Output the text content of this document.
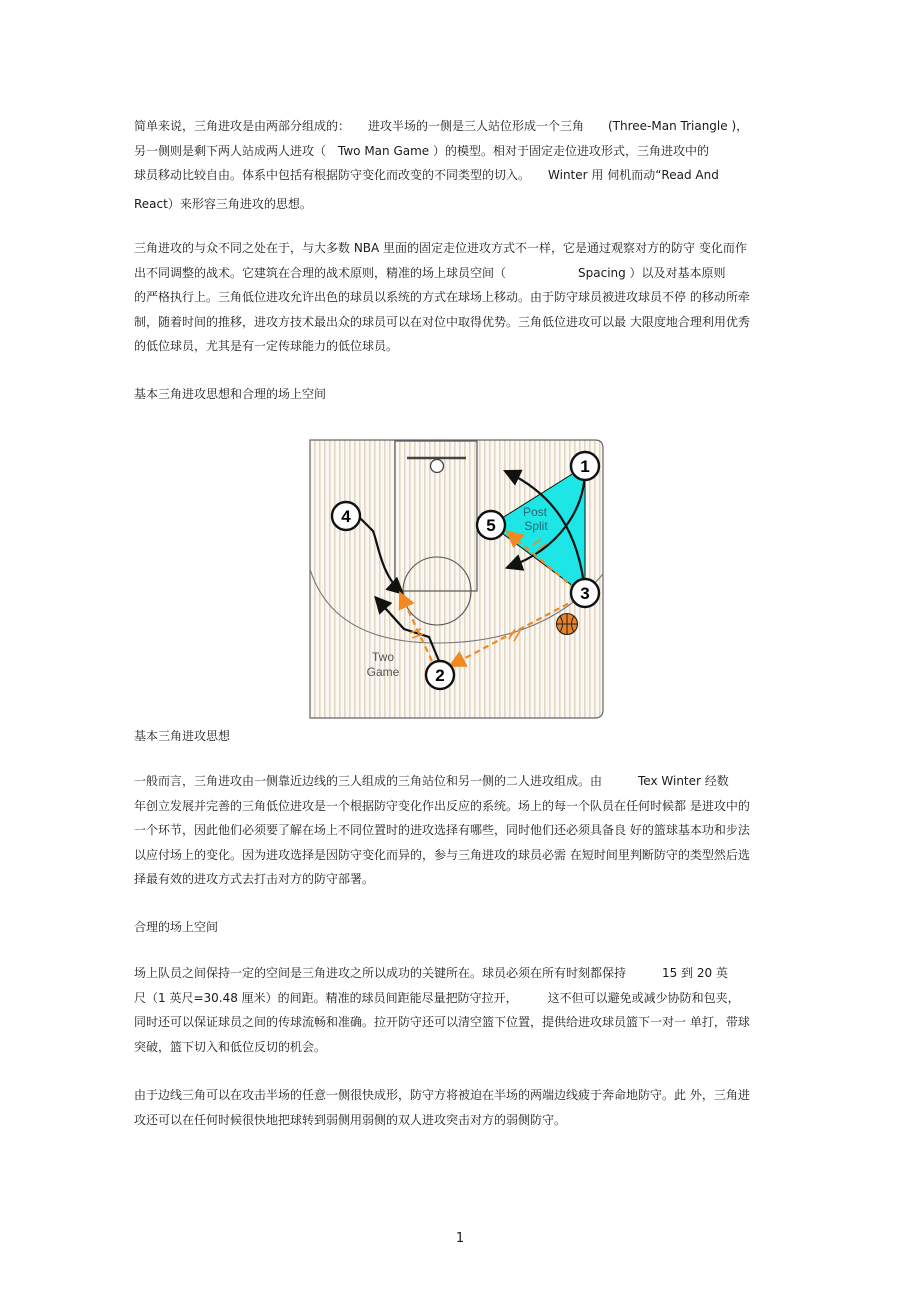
简单来说，三角进攻是由两部分组成的：　　进攻半场的一侧是三人站位形成一个三角　　(Three-Man Triangle )，
另一侧则是剩下两人站成两人进攻（　Two Man Game ）的模型。相对于固定走位进攻形式，三角进攻中的
球员移动比较自由。体系中包括有根据防守变化而改变的不同类型的切入。　　Winter 用 伺机而动“Read And
React）来形容三角进攻的思想。

三角进攻的与众不同之处在于，与大多数 NBA 里面的固定走位进攻方式不一样，它是通过观察对方的防守 变化而作
出不同调整的战术。它建筑在合理的战术原则，精准的场上球员空间（　　　　　　Spacing ）以及对基本原则
的严格执行上。三角低位进攻允许出色的球员以系统的方式在球场上移动。由于防守球员被进攻球员不停 的移动所牵
制，随着时间的推移，进攻方技术最出众的球员可以在对位中取得优势。三角低位进攻可以最 大限度地合理利用优秀
的低位球员，尤其是有一定传球能力的低位球员。

基本三角进攻思想和合理的场上空间

Post
Split
Two
Game
1
5
4
3
2

基本三角进攻思想

一般而言，三角进攻由一侧靠近边线的三人组成的三角站位和另一侧的二人进攻组成。由　　　Tex Winter 经数
年创立发展并完善的三角低位进攻是一个根据防守变化作出反应的系统。场上的每一个队员在任何时候都 是进攻中的
一个环节，因此他们必须要了解在场上不同位置时的进攻选择有哪些，同时他们还必须具备良 好的篮球基本功和步法
以应付场上的变化。因为进攻选择是因防守变化而异的，参与三角进攻的球员必需 在短时间里判断防守的类型然后选
择最有效的进攻方式去打击对方的防守部署。

合理的场上空间

场上队员之间保持一定的空间是三角进攻之所以成功的关键所在。球员必须在所有时刻都保持　　　15 到 20 英
尺（1 英尺=30.48 厘米）的间距。精准的球员间距能尽量把防守拉开，　　　这不但可以避免或减少协防和包夹，
同时还可以保证球员之间的传球流畅和准确。拉开防守还可以清空篮下位置，提供给进攻球员篮下一对一 单打，带球
突破，篮下切入和低位反切的机会。

由于边线三角可以在攻击半场的任意一侧很快成形，防守方将被迫在半场的两端边线疲于奔命地防守。此 外，三角进
攻还可以在任何时候很快地把球转到弱侧用弱侧的双人进攻突击对方的弱侧防守。

1
